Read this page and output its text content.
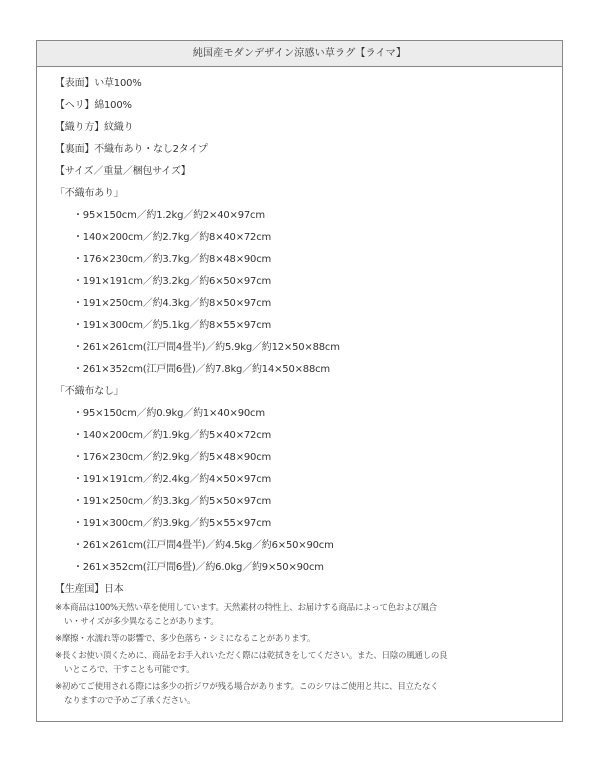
純国産モダンデザイン涼感い草ラグ【ライマ】
【表面】い草100%
【ヘリ】綿100%
【織り方】紋織り
【裏面】不織布あり・なし2タイプ
【サイズ／重量／梱包サイズ】
「不織布あり」
・95×150cm／約1.2kg／約2×40×97cm
・140×200cm／約2.7kg／約8×40×72cm
・176×230cm／約3.7kg／約8×48×90cm
・191×191cm／約3.2kg／約6×50×97cm
・191×250cm／約4.3kg／約8×50×97cm
・191×300cm／約5.1kg／約8×55×97cm
・261×261cm(江戸間4畳半)／約5.9kg／約12×50×88cm
・261×352cm(江戸間6畳)／約7.8kg／約14×50×88cm
「不織布なし」
・95×150cm／約0.9kg／約1×40×90cm
・140×200cm／約1.9kg／約5×40×72cm
・176×230cm／約2.9kg／約5×48×90cm
・191×191cm／約2.4kg／約4×50×97cm
・191×250cm／約3.3kg／約5×50×97cm
・191×300cm／約3.9kg／約5×55×97cm
・261×261cm(江戸間4畳半)／約4.5kg／約6×50×90cm
・261×352cm(江戸間6畳)／約6.0kg／約9×50×90cm
【生産国】日本
※本商品は100%天然い草を使用しています。天然素材の特性上、お届けする商品によって色および風合
い・サイズが多少異なることがあります。
※摩擦・水濡れ等の影響で、多少色落ち・シミになることがあります。
※長くお使い頂くために、商品をお手入れいただく際には乾拭きをしてください。また、日陰の風通しの良
いところで、干すことも可能です。
※初めてご使用される際には多少の折ジワが残る場合があります。このシワはご使用と共に、目立たなく
なりますので予めご了承ください。
